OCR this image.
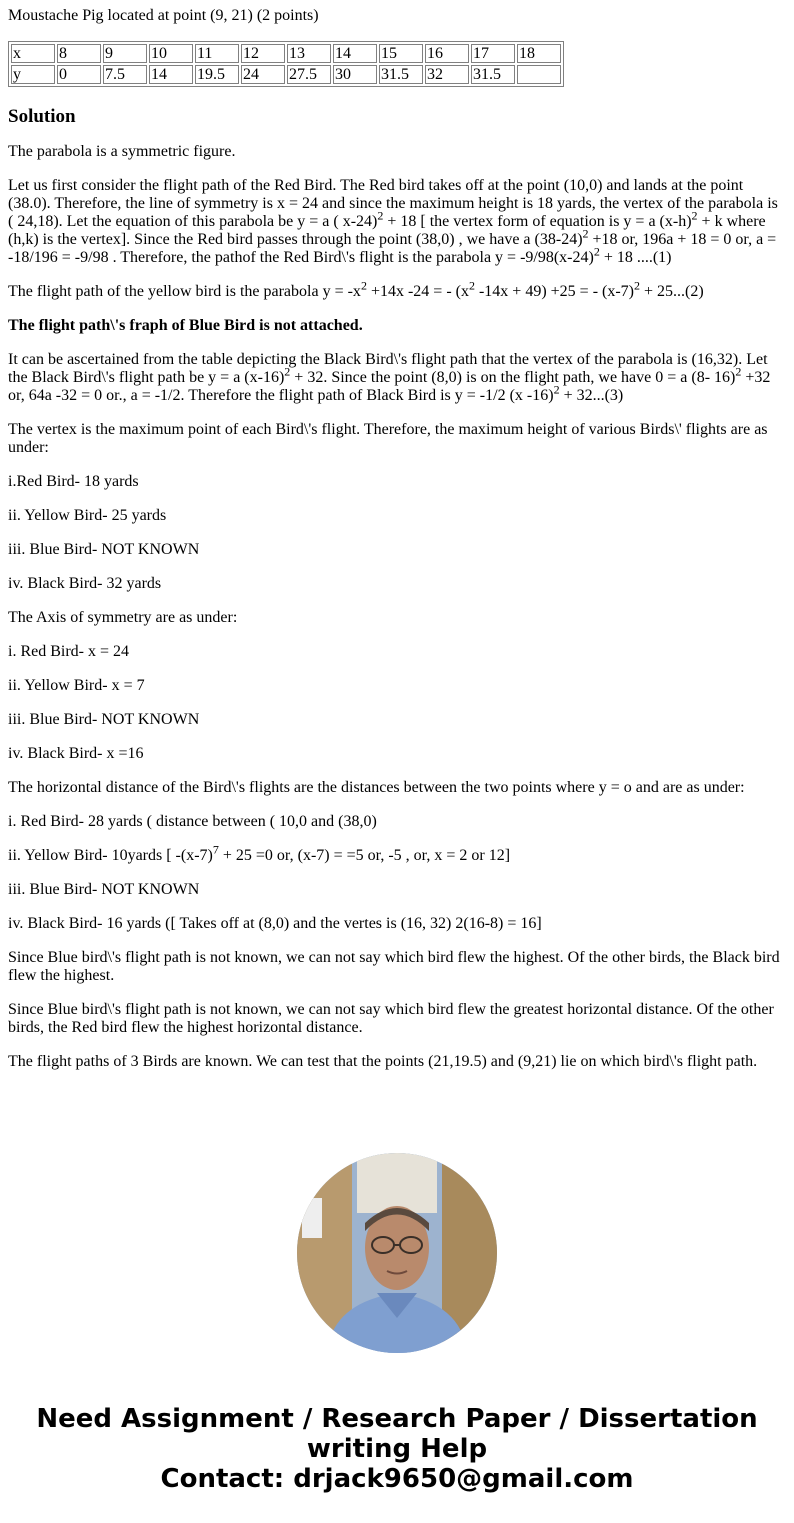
Moustache Pig located at point (9, 21) (2 points)

x	8	9	10	11	12	13	14	15	16	17	18
y	0	7.5	14	19.5	24	27.5	30	31.5	32	31.5	
Solution

The parabola is a symmetric figure.

Let us first consider the flight path of the Red Bird. The Red bird takes off at the point (10,0) and lands at the point (38.0). Therefore, the line of symmetry is x = 24 and since the maximum height is 18 yards, the vertex of the parabola is ( 24,18). Let the equation of this parabola be y = a ( x-24)$^2$ + 18 [ the vertex form of equation is y = a $(x-h)^2 + k$ where (h,k) is the vertex]. Since the Red bird passes through the point (38,0) , we have a $(38-24)^2 +18$ or, 196a + 18 = 0 or, a = -18/196 = -9/98 . Therefore, the pathof the Red Bird\'s flight is the parabola $y = -9/98(x-24)^2 + 18$ ....(1)

The flight path of the yellow bird is the parabola $y = -x^2 +14x$ -24 = - ($x^2$ -14x + 49) +25 = - $(x-7)^2 + 25...(2)$

The flight path\'s fraph of Blue Bird is not attached.

It can be ascertained from the table depicting the Black Bird\'s flight path that the vertex of the parabola is (16,32). Let the Black Bird\'s flight path be y = a $(x-16)^2 + 32$. Since the point (8,0) is on the flight path, we have 0 = a (8- 16)$^2$ +32 or, 64a -32 = 0 or., a = -1/2. Therefore the flight path of Black Bird is y = -1/2 (x -16)$^2$ + 32...(3)

The vertex is the maximum point of each Bird\'s flight. Therefore, the maximum height of various Birds\' flights are as under:

i.Red Bird- 18 yards

ii. Yellow Bird- 25 yards

iii. Blue Bird- NOT KNOWN

iv. Black Bird- 32 yards

The Axis of symmetry are as under:

i. Red Bird- x = 24

ii. Yellow Bird- x = 7

iii. Blue Bird- NOT KNOWN

iv. Black Bird- x =16

The horizontal distance of the Bird\'s flights are the distances between the two points where y = o and are as under:

i. Red Bird- 28 yards ( distance between ( 10,0 and (38,0)

ii. Yellow Bird- 10yards [ $-(x-7)^7 + 25 =0$ or, (x-7) = =5 or, -5 , or, x = 2 or 12]

iii. Blue Bird- NOT KNOWN

iv. Black Bird- 16 yards ([ Takes off at (8,0) and the vertes is (16, 32) 2(16-8) = 16]

Since Blue bird\'s flight path is not known, we can not say which bird flew the highest. Of the other birds, the Black bird flew the highest.

Since Blue bird\'s flight path is not known, we can not say which bird flew the greatest horizontal distance. Of the other birds, the Red bird flew the highest horizontal distance.

The flight paths of 3 Birds are known. We can test that the points (21,19.5) and (9,21) lie on which bird\'s flight path.

Need Assignment / Research Paper / Dissertation
writing Help
Contact: drjack9650@gmail.com
